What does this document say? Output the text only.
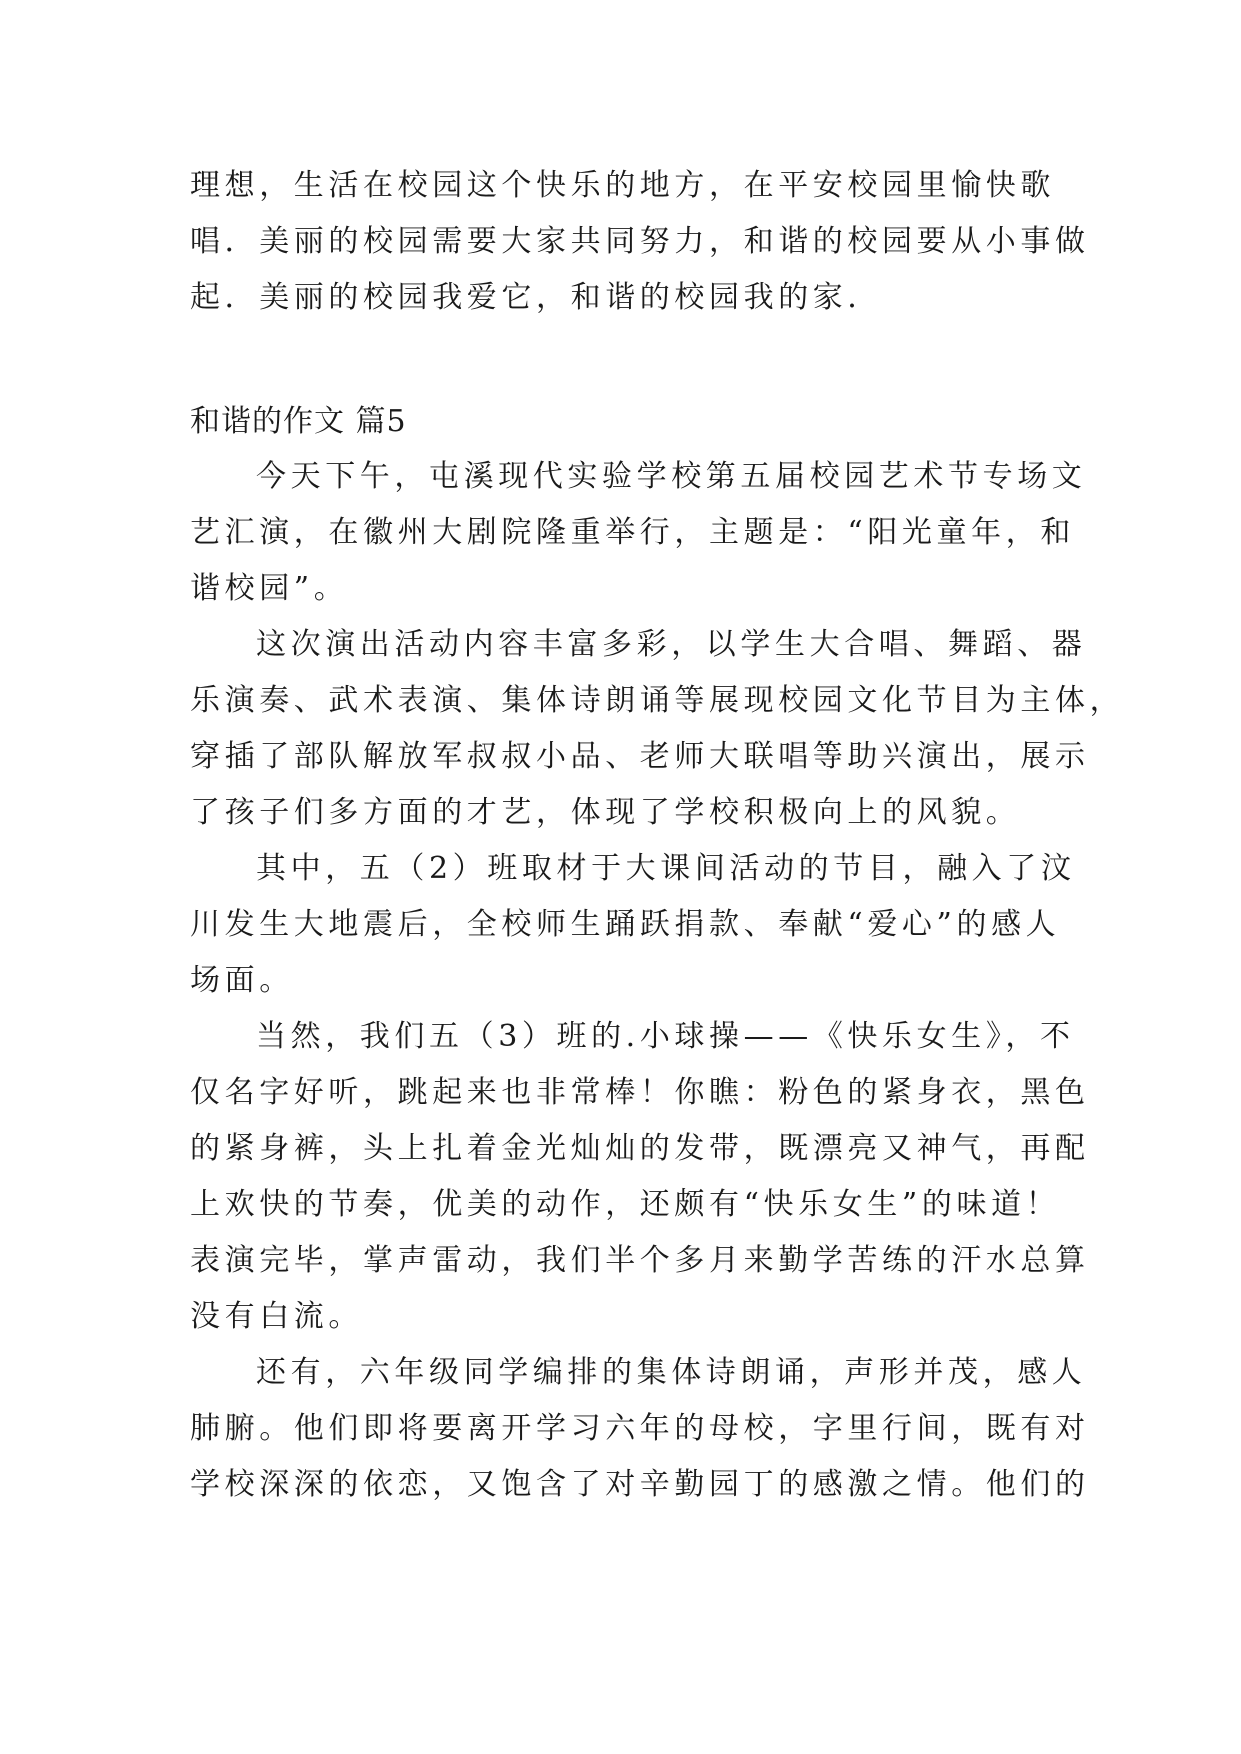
理想，生活在校园这个快乐的地方，在平安校园里愉快歌
唱．美丽的校园需要大家共同努力，和谐的校园要从小事做
起．美丽的校园我爱它，和谐的校园我的家．
和谐的作文 篇5
今天下午，屯溪现代实验学校第五届校园艺术节专场文
艺汇演，在徽州大剧院隆重举行，主题是：“阳光童年，和
谐校园”。
这次演出活动内容丰富多彩，以学生大合唱、舞蹈、器
乐演奏、武术表演、集体诗朗诵等展现校园文化节目为主体，
穿插了部队解放军叔叔小品、老师大联唱等助兴演出，展示
了孩子们多方面的才艺，体现了学校积极向上的风貌。
其中，五（2）班取材于大课间活动的节目，融入了汶
川发生大地震后，全校师生踊跃捐款、奉献“爱心”的感人
场面。
当然，我们五（3）班的.小球操——《快乐女生》，不
仅名字好听，跳起来也非常棒！你瞧：粉色的紧身衣，黑色
的紧身裤，头上扎着金光灿灿的发带，既漂亮又神气，再配
上欢快的节奏，优美的动作，还颇有“快乐女生”的味道！
表演完毕，掌声雷动，我们半个多月来勤学苦练的汗水总算
没有白流。
还有，六年级同学编排的集体诗朗诵，声形并茂，感人
肺腑。他们即将要离开学习六年的母校，字里行间，既有对
学校深深的依恋，又饱含了对辛勤园丁的感激之情。他们的
